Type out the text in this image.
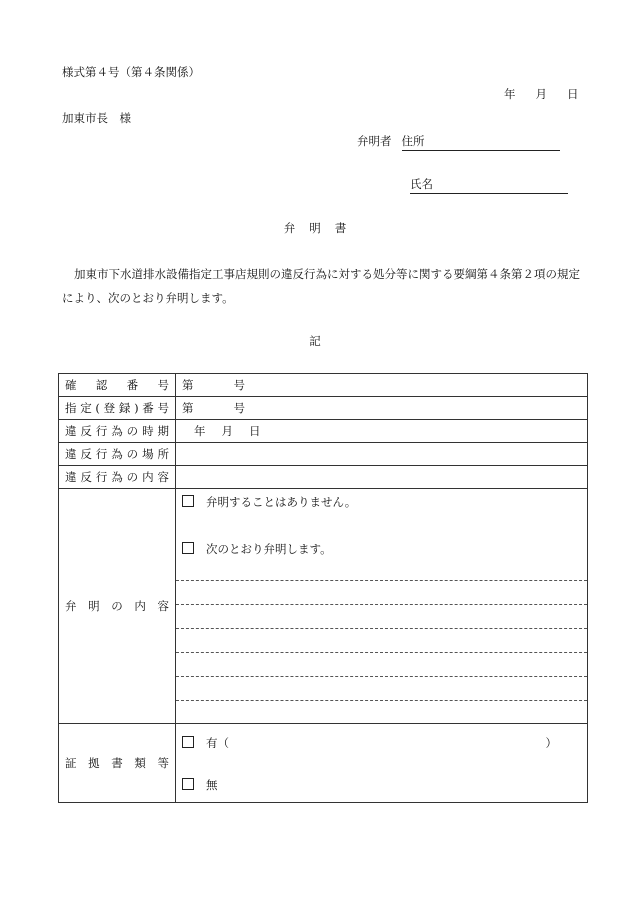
様式第４号（第４条関係）
年 月 日
加東市長　様
弁明者 住所
氏名
弁明書
加東市下水道排水設備指定工事店規則の違反行為に対する処分等に関する要綱第４条第２項の規定により、次のとおり弁明します。
記
確認番号	第 号
指定(登録)番号	第 号
違反行為の時期	年 月 日
違反行為の場所	
違反行為の内容	
弁明の内容	弁明することはありません。
次のとおり弁明します。

証拠書類等	有（ ）
無
